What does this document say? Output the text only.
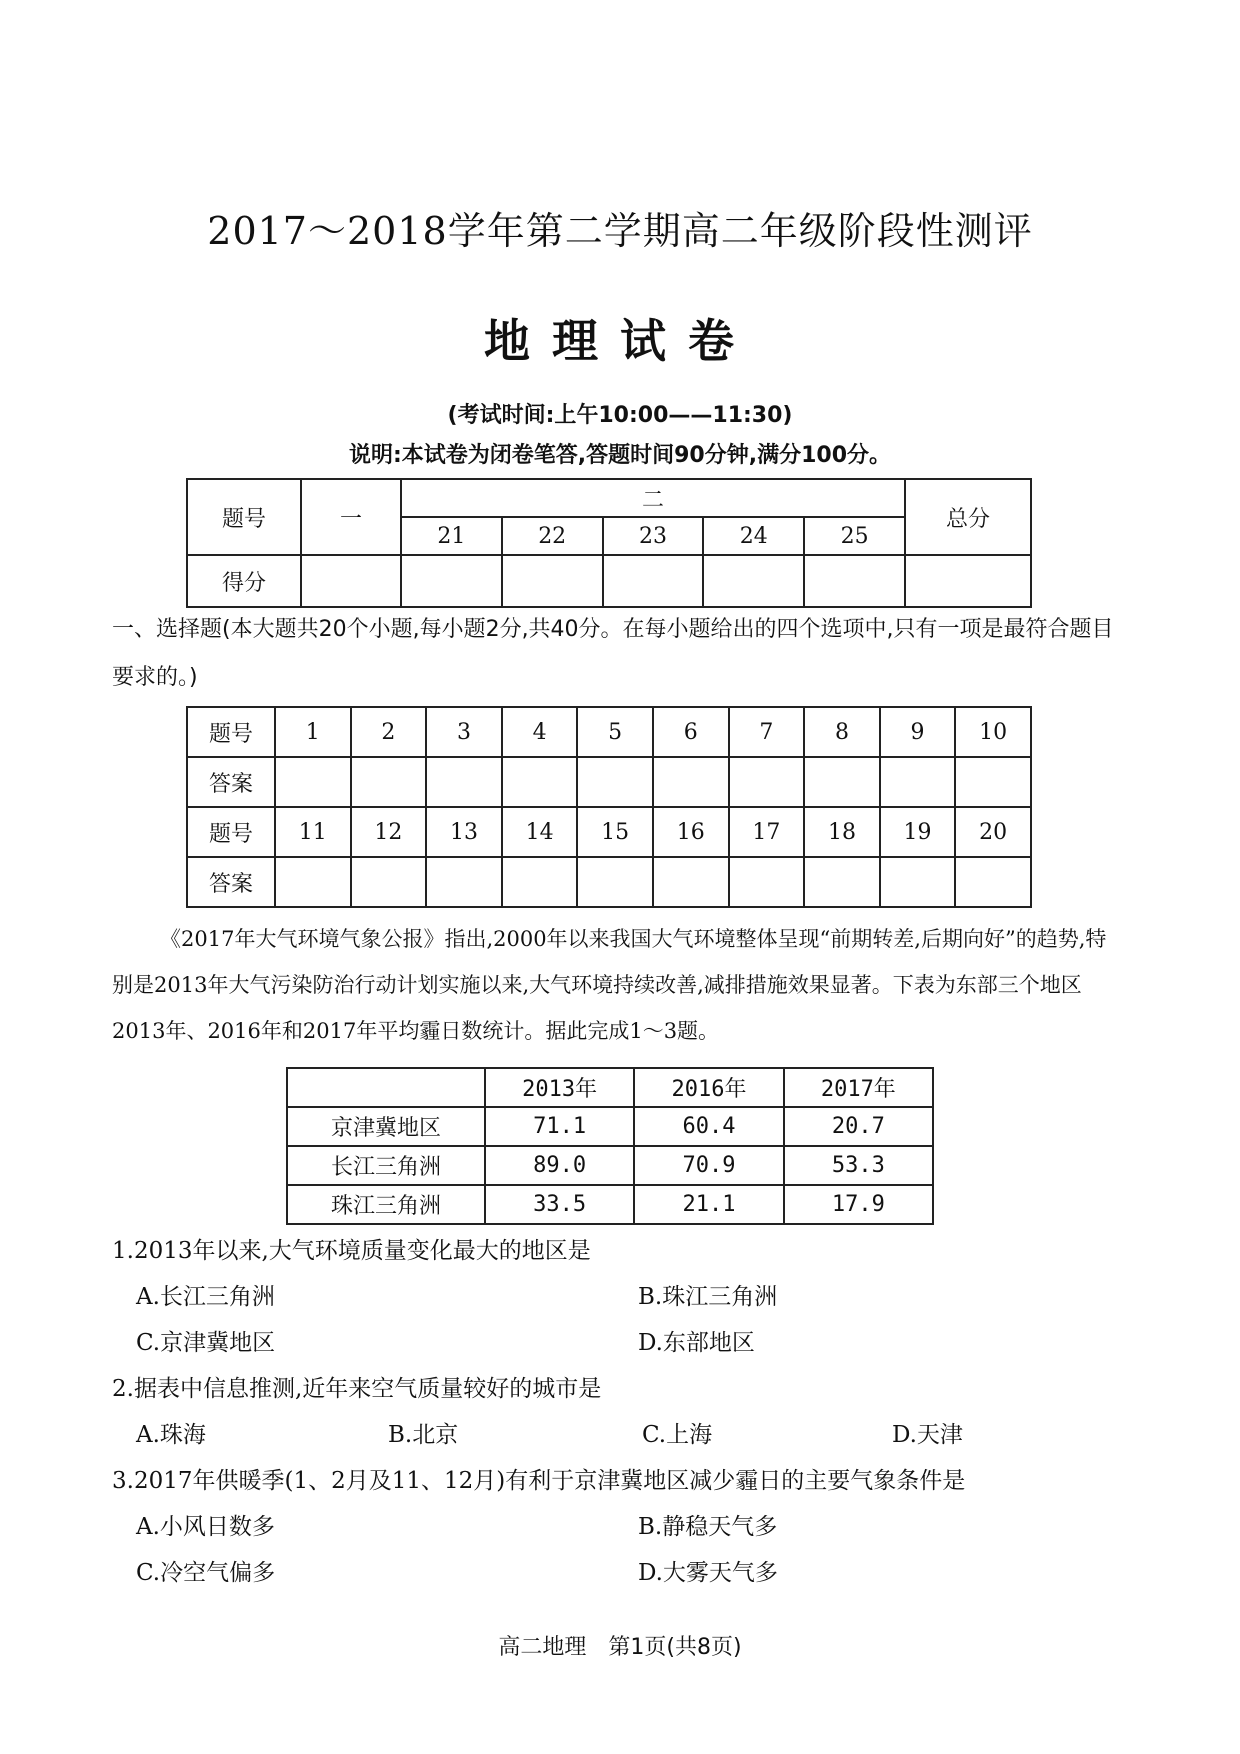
2017～2018学年第二学期高二年级阶段性测评
地理试卷
(考试时间:上午10:00——11:30)
说明:本试卷为闭卷笔答,答题时间90分钟,满分100分。
题号	一	二					总分
		21	22	23	24	25	
得分							
一、选择题(本大题共20个小题,每小题2分,共40分。在每小题给出的四个选项中,只有一项是最符合题目要求的。)
题号	1	2	3	4	5	6	7	8	9	10
答案										
题号	11	12	13	14	15	16	17	18	19	20
答案										
《2017年大气环境气象公报》指出,2000年以来我国大气环境整体呈现“前期转差,后期向好”的趋势,特别是2013年大气污染防治行动计划实施以来,大气环境持续改善,减排措施效果显著。下表为东部三个地区2013年、2016年和2017年平均霾日数统计。据此完成1～3题。
	2013年	2016年	2017年
京津冀地区	71.1	60.4	20.7
长江三角洲	89.0	70.9	53.3
珠江三角洲	33.5	21.1	17.9
1.2013年以来,大气环境质量变化最大的地区是
A.长江三角洲	B.珠江三角洲
C.京津冀地区	D.东部地区
2.据表中信息推测,近年来空气质量较好的城市是
A.珠海	B.北京	C.上海	D.天津
3.2017年供暖季(1、2月及11、12月)有利于京津冀地区减少霾日的主要气象条件是
A.小风日数多	B.静稳天气多
C.冷空气偏多	D.大雾天气多
高二地理　第1页(共8页)
